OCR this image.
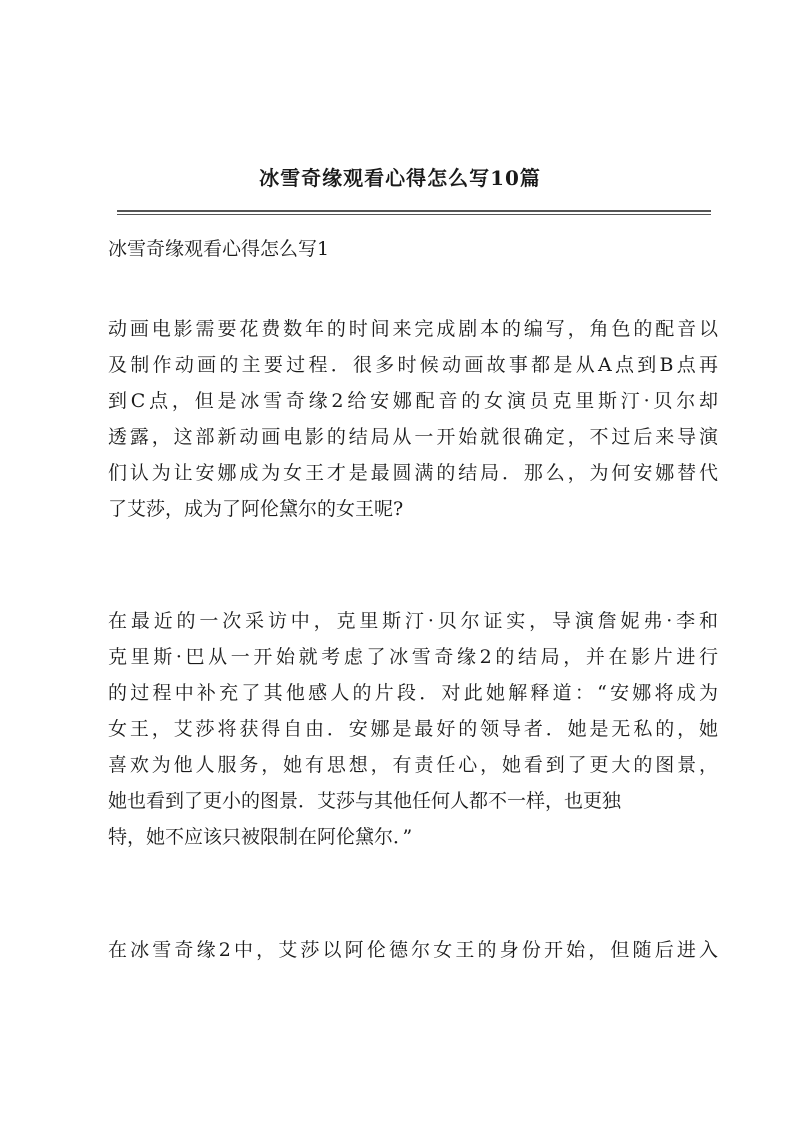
冰雪奇缘观看心得怎么写10篇
冰雪奇缘观看心得怎么写1
动画电影需要花费数年的时间来完成剧本的编写，角色的配音以
及制作动画的主要过程．很多时候动画故事都是从A点到B点再
到C点，但是冰雪奇缘2给安娜配音的女演员克里斯汀·贝尔却
透露，这部新动画电影的结局从一开始就很确定，不过后来导演
们认为让安娜成为女王才是最圆满的结局．那么，为何安娜替代
了艾莎，成为了阿伦黛尔的女王呢?
在最近的一次采访中，克里斯汀·贝尔证实，导演詹妮弗·李和
克里斯·巴从一开始就考虑了冰雪奇缘2的结局，并在影片进行
的过程中补充了其他感人的片段．对此她解释道：“安娜将成为
女王，艾莎将获得自由．安娜是最好的领导者．她是无私的，她
喜欢为他人服务，她有思想，有责任心，她看到了更大的图景，
她也看到了更小的图景．艾莎与其他任何人都不一样，也更独
特，她不应该只被限制在阿伦黛尔．”
在冰雪奇缘2中，艾莎以阿伦德尔女王的身份开始，但随后进入
